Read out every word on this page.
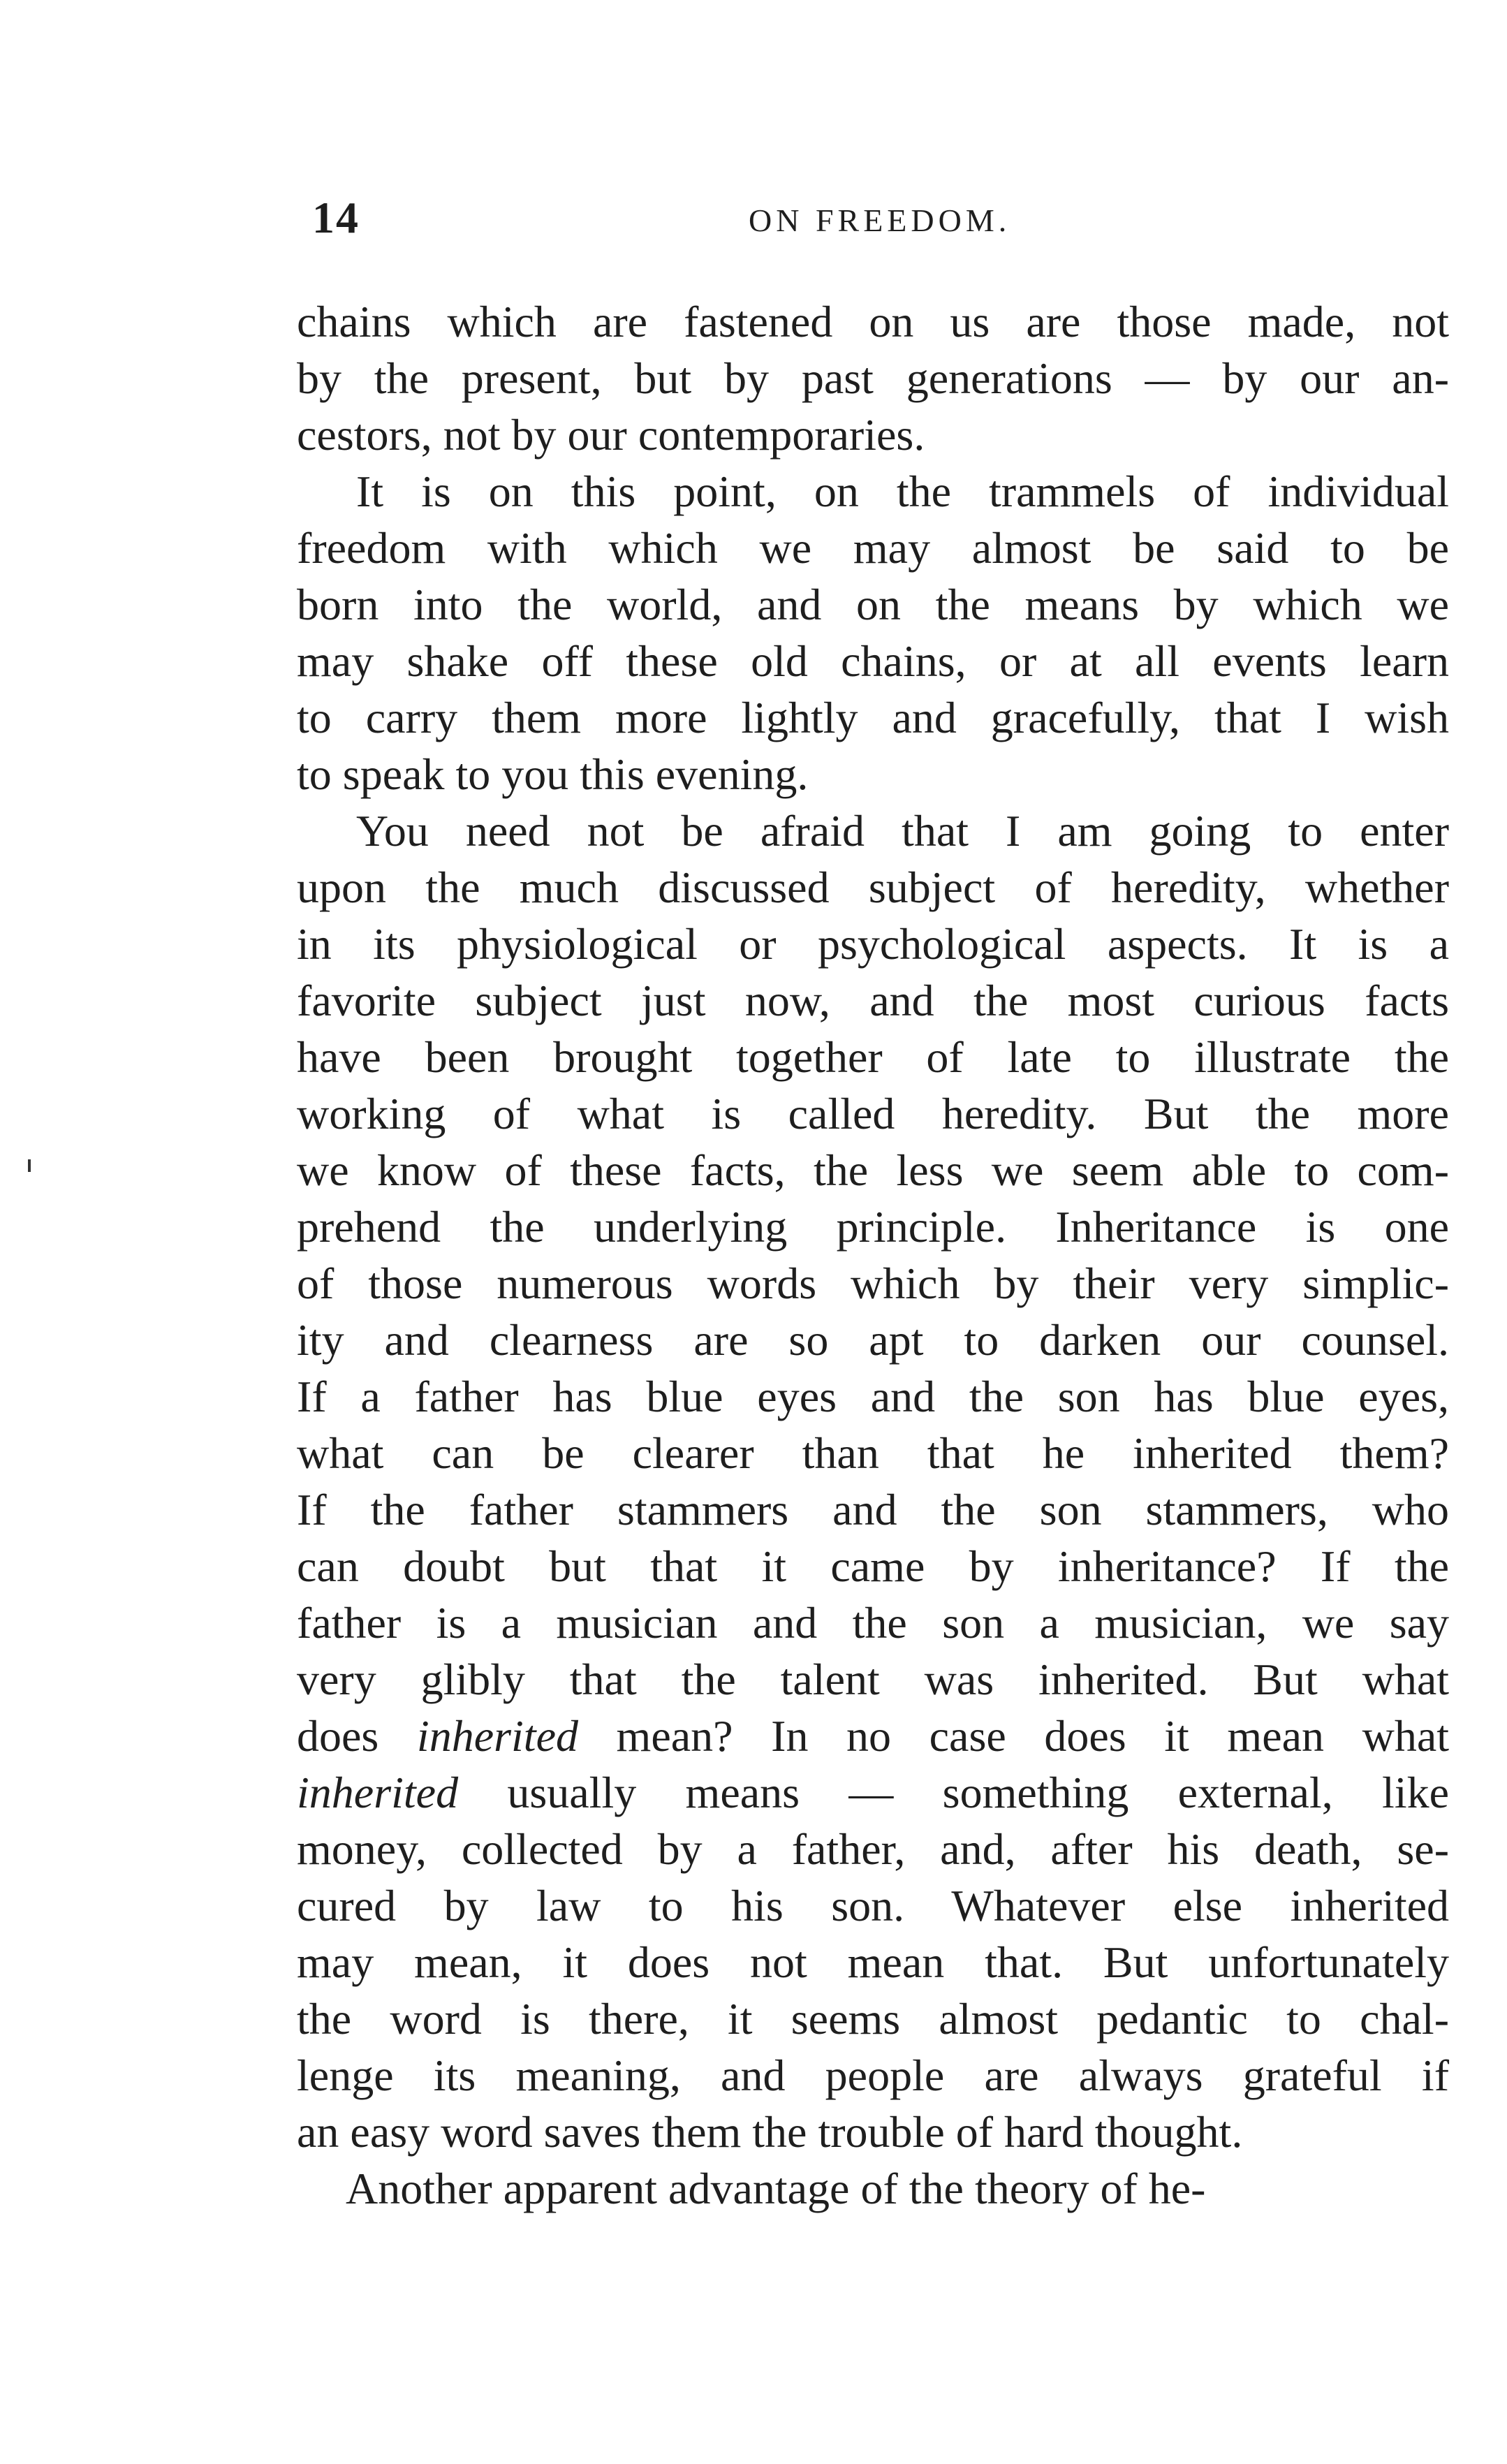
14	ON FREEDOM.
chains which are fastened on us are those made, not
by the present, but by past generations — by our an-
cestors, not by our contemporaries.
It is on this point, on the trammels of individual
freedom with which we may almost be said to be
born into the world, and on the means by which we
may shake off these old chains, or at all events learn
to carry them more lightly and gracefully, that I wish
to speak to you this evening.
You need not be afraid that I am going to enter
upon the much discussed subject of heredity, whether
in its physiological or psychological aspects. It is a
favorite subject just now, and the most curious facts
have been brought together of late to illustrate the
working of what is called heredity. But the more
we know of these facts, the less we seem able to com-
prehend the underlying principle. Inheritance is one
of those numerous words which by their very simplic-
ity and clearness are so apt to darken our counsel.
If a father has blue eyes and the son has blue eyes,
what can be clearer than that he inherited them?
If the father stammers and the son stammers, who
can doubt but that it came by inheritance? If the
father is a musician and the son a musician, we say
very glibly that the talent was inherited. But what
does inherited mean? In no case does it mean what
inherited usually means — something external, like
money, collected by a father, and, after his death, se-
cured by law to his son. Whatever else inherited
may mean, it does not mean that. But unfortunately
the word is there, it seems almost pedantic to chal-
lenge its meaning, and people are always grateful if
an easy word saves them the trouble of hard thought.
Another apparent advantage of the theory of he-
